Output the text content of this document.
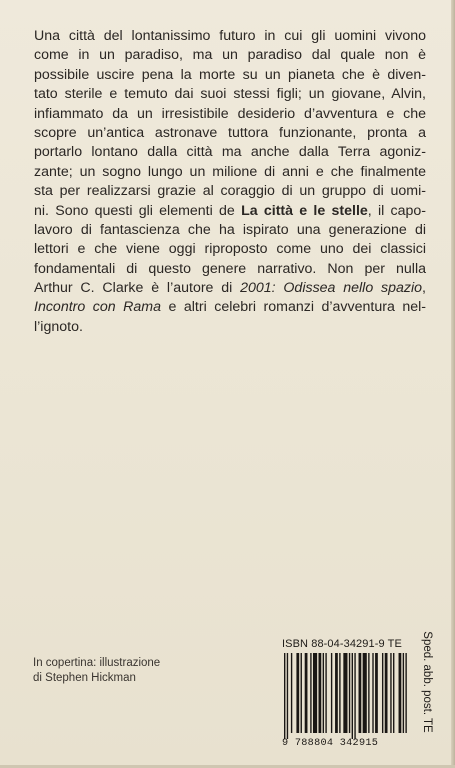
Una città del lontanissimo futuro in cui gli uomini vivono
come in un paradiso, ma un paradiso dal quale non è
possibile uscire pena la morte su un pianeta che è diven-
tato sterile e temuto dai suoi stessi figli; un giovane, Alvin,
infiammato da un irresistibile desiderio d’avventura e che
scopre un’antica astronave tuttora funzionante, pronta a
portarlo lontano dalla città ma anche dalla Terra agoniz-
zante; un sogno lungo un milione di anni e che finalmente
sta per realizzarsi grazie al coraggio di un gruppo di uomi-
ni. Sono questi gli elementi de La città e le stelle, il capo-
lavoro di fantascienza che ha ispirato una generazione di
lettori e che viene oggi riproposto come uno dei classici
fondamentali di questo genere narrativo. Non per nulla
Arthur C. Clarke è l’autore di 2001: Odissea nello spazio,
Incontro con Rama e altri celebri romanzi d’avventura nel-
l’ignoto.
In copertina: illustrazione
di Stephen Hickman
ISBN 88-04-34291-9 TE
9 788804 342915
Sped. abb. post. TE
